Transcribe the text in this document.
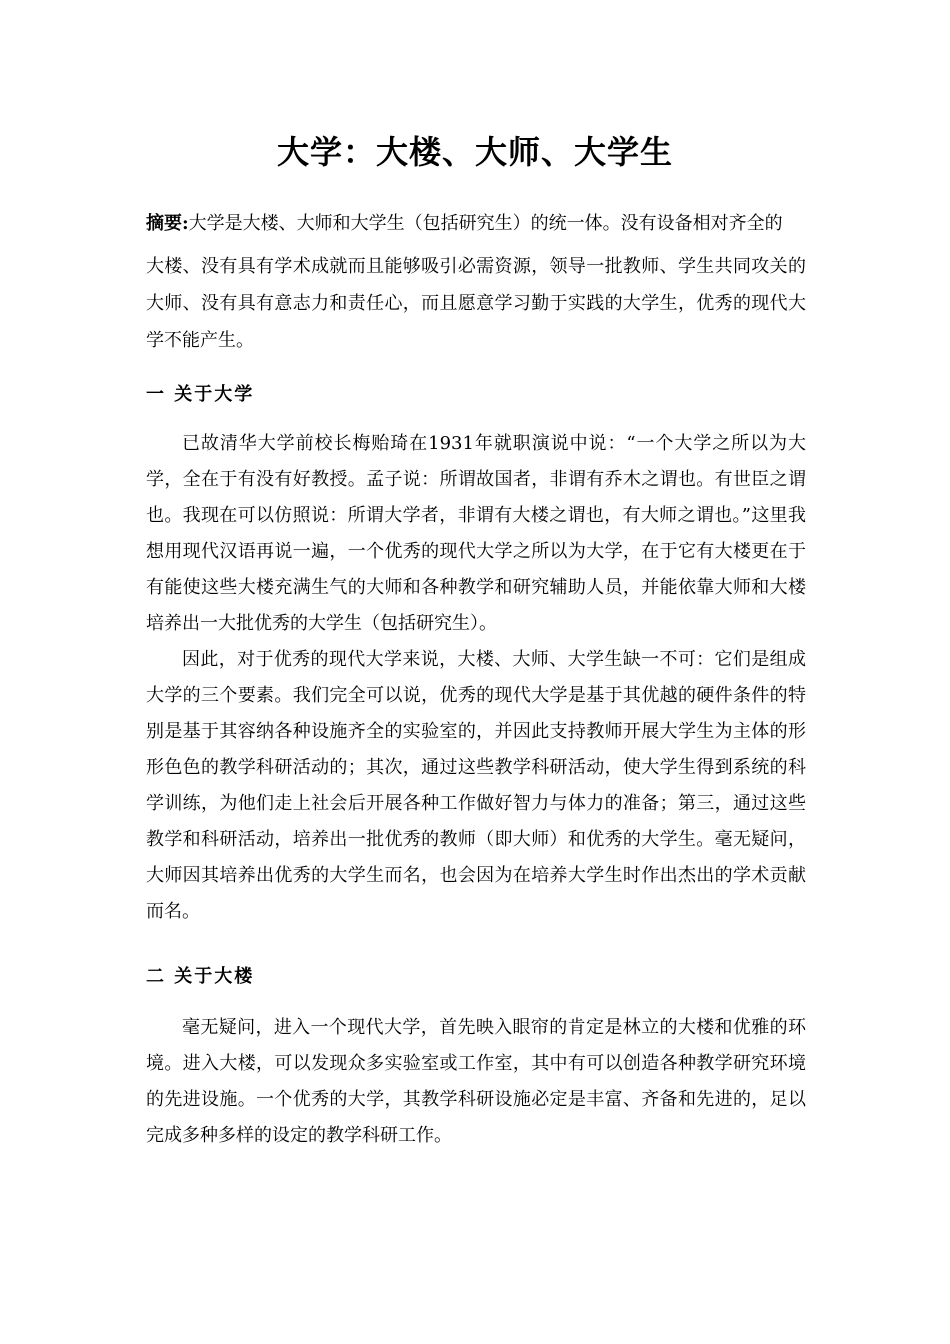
大学：大楼、大师、大学生
摘要:大学是大楼、大师和大学生（包括研究生）的统一体。没有设备相对齐全的
大楼、没有具有学术成就而且能够吸引必需资源，领导一批教师、学生共同攻关的大师、没有具有意志力和责任心，而且愿意学习勤于实践的大学生，优秀的现代大学不能产生。
一 关于大学

已故清华大学前校长梅贻琦在1931年就职演说中说：“一个大学之所以为大学，全在于有没有好教授。孟子说：所谓故国者，非谓有乔木之谓也。有世臣之谓也。我现在可以仿照说：所谓大学者，非谓有大楼之谓也，有大师之谓也。”这里我想用现代汉语再说一遍，一个优秀的现代大学之所以为大学，在于它有大楼更在于有能使这些大楼充满生气的大师和各种教学和研究辅助人员，并能依靠大师和大楼培养出一大批优秀的大学生（包括研究生）。

因此，对于优秀的现代大学来说，大楼、大师、大学生缺一不可：它们是组成大学的三个要素。我们完全可以说，优秀的现代大学是基于其优越的硬件条件的特别是基于其容纳各种设施齐全的实验室的，并因此支持教师开展大学生为主体的形形色色的教学科研活动的；其次，通过这些教学科研活动，使大学生得到系统的科学训练，为他们走上社会后开展各种工作做好智力与体力的准备；第三，通过这些教学和科研活动，培养出一批优秀的教师（即大师）和优秀的大学生。毫无疑问，大师因其培养出优秀的大学生而名，也会因为在培养大学生时作出杰出的学术贡献而名。

二 关于大楼

毫无疑问，进入一个现代大学，首先映入眼帘的肯定是林立的大楼和优雅的环境。进入大楼，可以发现众多实验室或工作室，其中有可以创造各种教学研究环境的先进设施。一个优秀的大学，其教学科研设施必定是丰富、齐备和先进的，足以完成多种多样的设定的教学科研工作。
